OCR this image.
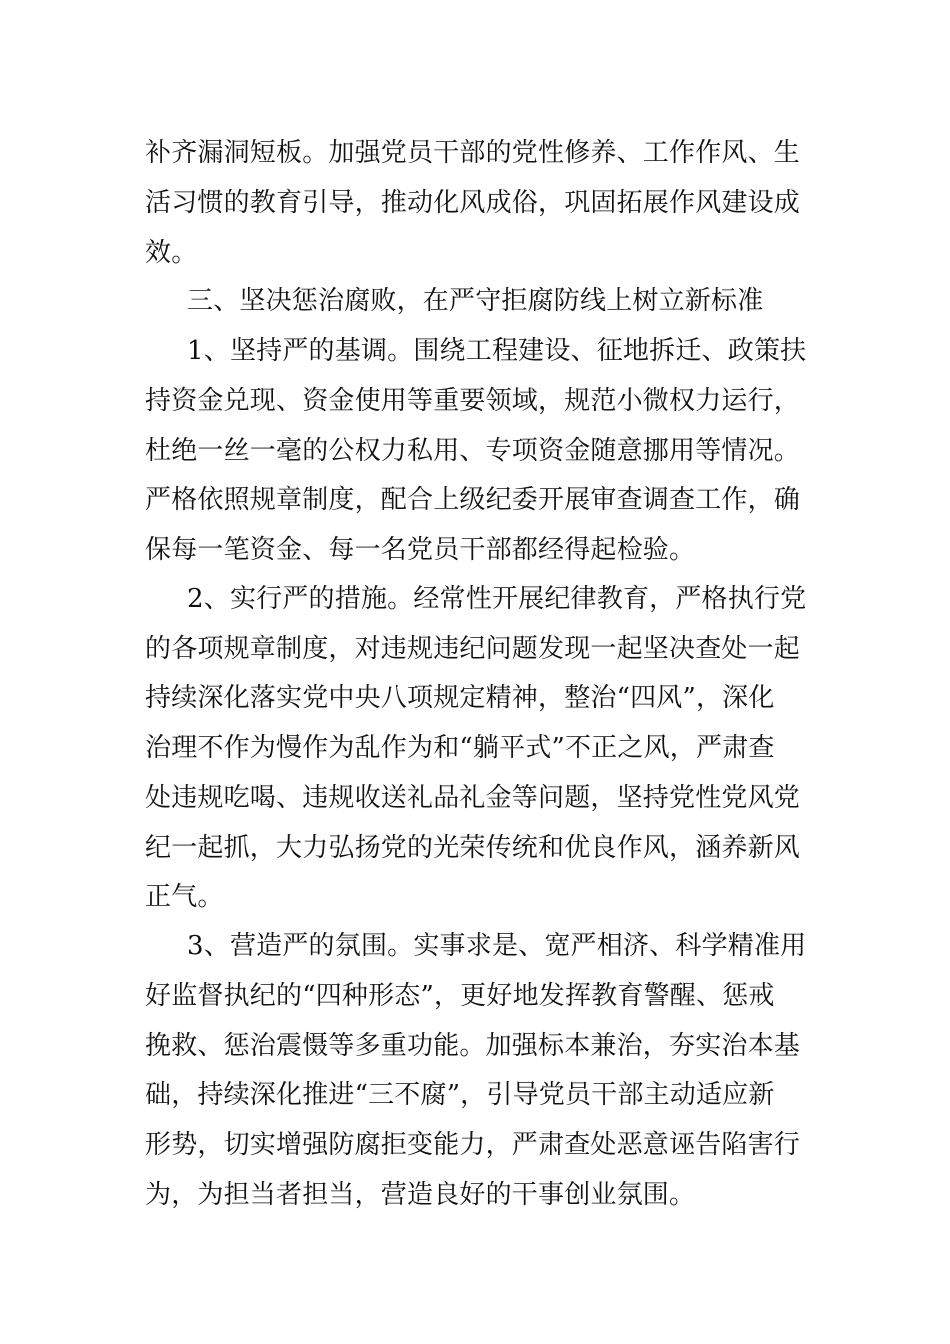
补齐漏洞短板。加强党员干部的党性修养、工作作风、生
活习惯的教育引导，推动化风成俗，巩固拓展作风建设成
效。
三、坚决惩治腐败，在严守拒腐防线上树立新标准
1、坚持严的基调。围绕工程建设、征地拆迁、政策扶
持资金兑现、资金使用等重要领域，规范小微权力运行，
杜绝一丝一毫的公权力私用、专项资金随意挪用等情况。
严格依照规章制度，配合上级纪委开展审查调查工作，确
保每一笔资金、每一名党员干部都经得起检验。
2、实行严的措施。经常性开展纪律教育，严格执行党
的各项规章制度，对违规违纪问题发现一起坚决查处一起
持续深化落实党中央八项规定精神，整治“四风”，深化
治理不作为慢作为乱作为和“躺平式”不正之风，严肃查
处违规吃喝、违规收送礼品礼金等问题，坚持党性党风党
纪一起抓，大力弘扬党的光荣传统和优良作风，涵养新风
正气。
3、营造严的氛围。实事求是、宽严相济、科学精准用
好监督执纪的“四种形态”，更好地发挥教育警醒、惩戒
挽救、惩治震慑等多重功能。加强标本兼治，夯实治本基
础，持续深化推进“三不腐”，引导党员干部主动适应新
形势，切实增强防腐拒变能力，严肃查处恶意诬告陷害行
为，为担当者担当，营造良好的干事创业氛围。
